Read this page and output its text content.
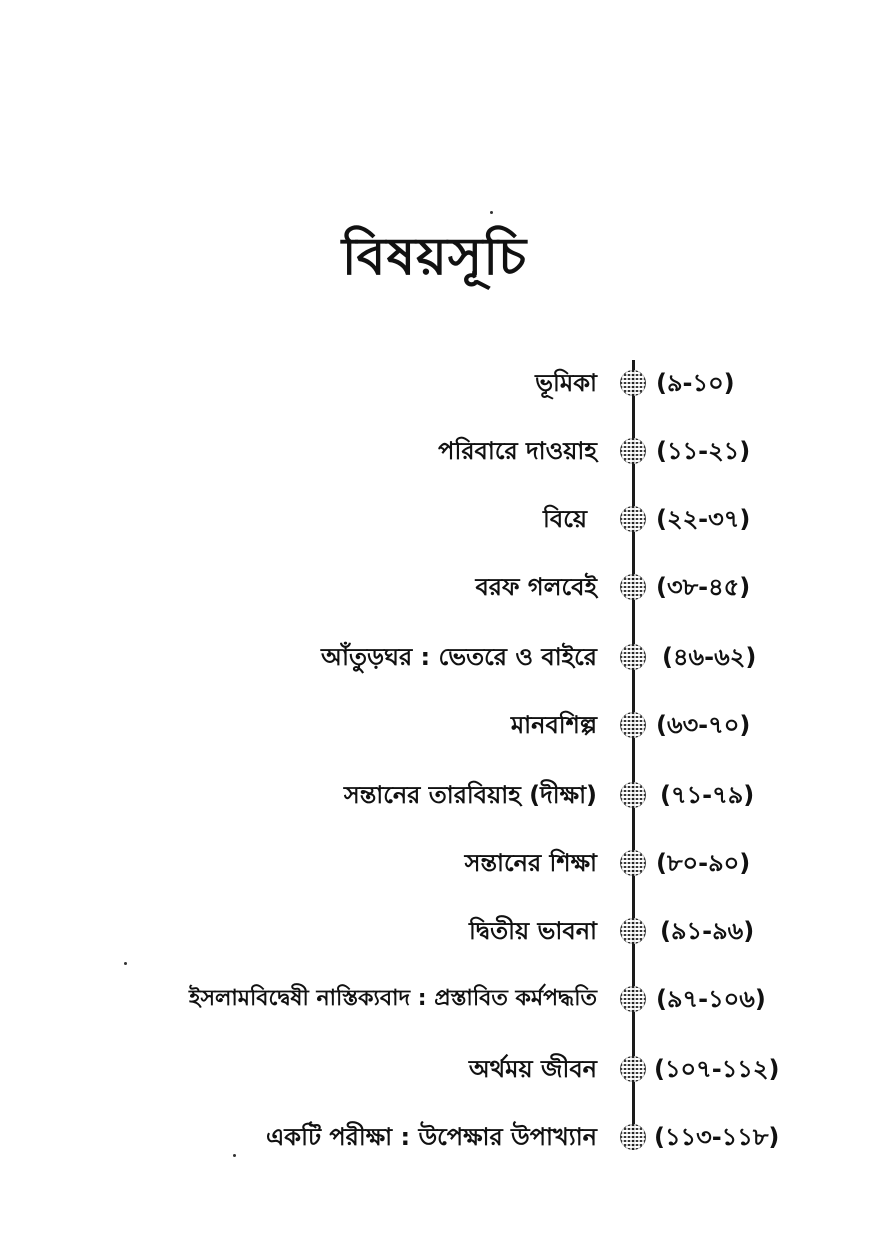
বিষয়সূচি
ভূমিকা (৯-১০)
পরিবারে দাওয়াহ (১১-২১)
বিয়ে	(২২-৩৭)
বরফ গলবেই (৩৮-৪৫)
আঁতুড়ঘর : ভেতরে ও বাইরে	(৪৬-৬২)
মানবশিল্প (৬৩-৭০)
সন্তানের তারবিয়াহ (দীক্ষা)	(৭১-৭৯)
সন্তানের শিক্ষা (৮০-৯০)
দ্বিতীয় ভাবনা	(৯১-৯৬)
ইসলামবিদ্বেষী নাস্তিক্যবাদ : প্রস্তাবিত কর্মপদ্ধতি (৯৭-১০৬)
অর্থময় জীবন (১০৭-১১২)
একটি পরীক্ষা : উপেক্ষার উপাখ্যান (১১৩-১১৮)
